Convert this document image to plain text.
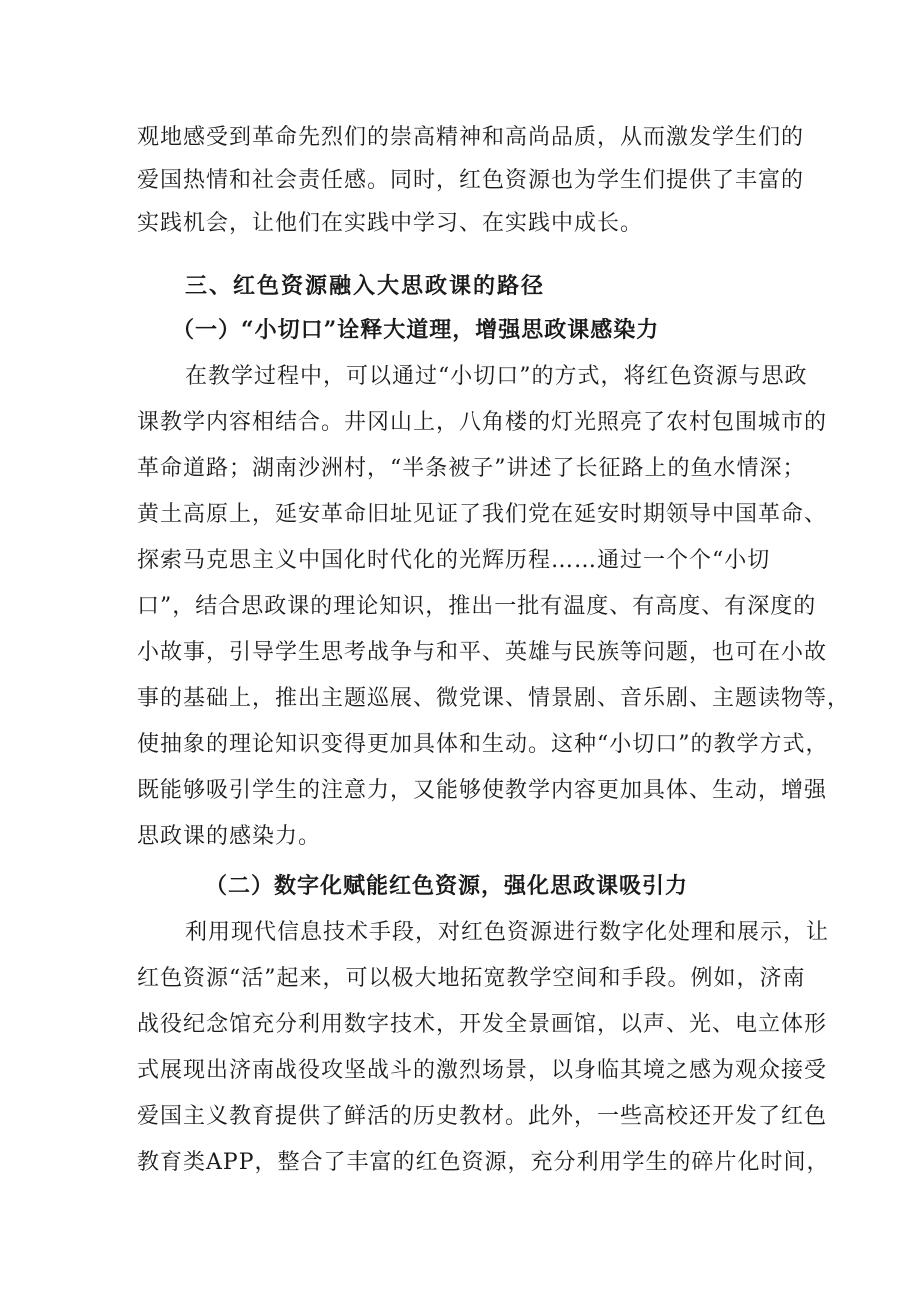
观地感受到革命先烈们的崇高精神和高尚品质，从而激发学生们的
爱国热情和社会责任感。同时，红色资源也为学生们提供了丰富的
实践机会，让他们在实践中学习、在实践中成长。
三、红色资源融入大思政课的路径
（一）“小切口”诠释大道理，增强思政课感染力
在教学过程中，可以通过“小切口”的方式，将红色资源与思政
课教学内容相结合。井冈山上，八角楼的灯光照亮了农村包围城市的
革命道路；湖南沙洲村，“半条被子”讲述了长征路上的鱼水情深；
黄土高原上，延安革命旧址见证了我们党在延安时期领导中国革命、
探索马克思主义中国化时代化的光辉历程……通过一个个“小切
口”，结合思政课的理论知识，推出一批有温度、有高度、有深度的
小故事，引导学生思考战争与和平、英雄与民族等问题，也可在小故
事的基础上，推出主题巡展、微党课、情景剧、音乐剧、主题读物等，
使抽象的理论知识变得更加具体和生动。这种“小切口”的教学方式，
既能够吸引学生的注意力，又能够使教学内容更加具体、生动，增强
思政课的感染力。
（二）数字化赋能红色资源，强化思政课吸引力
利用现代信息技术手段，对红色资源进行数字化处理和展示，让
红色资源“活”起来，可以极大地拓宽教学空间和手段。例如，济南
战役纪念馆充分利用数字技术，开发全景画馆，以声、光、电立体形
式展现出济南战役攻坚战斗的激烈场景，以身临其境之感为观众接受
爱国主义教育提供了鲜活的历史教材。此外，一些高校还开发了红色
教育类APP，整合了丰富的红色资源，充分利用学生的碎片化时间，
